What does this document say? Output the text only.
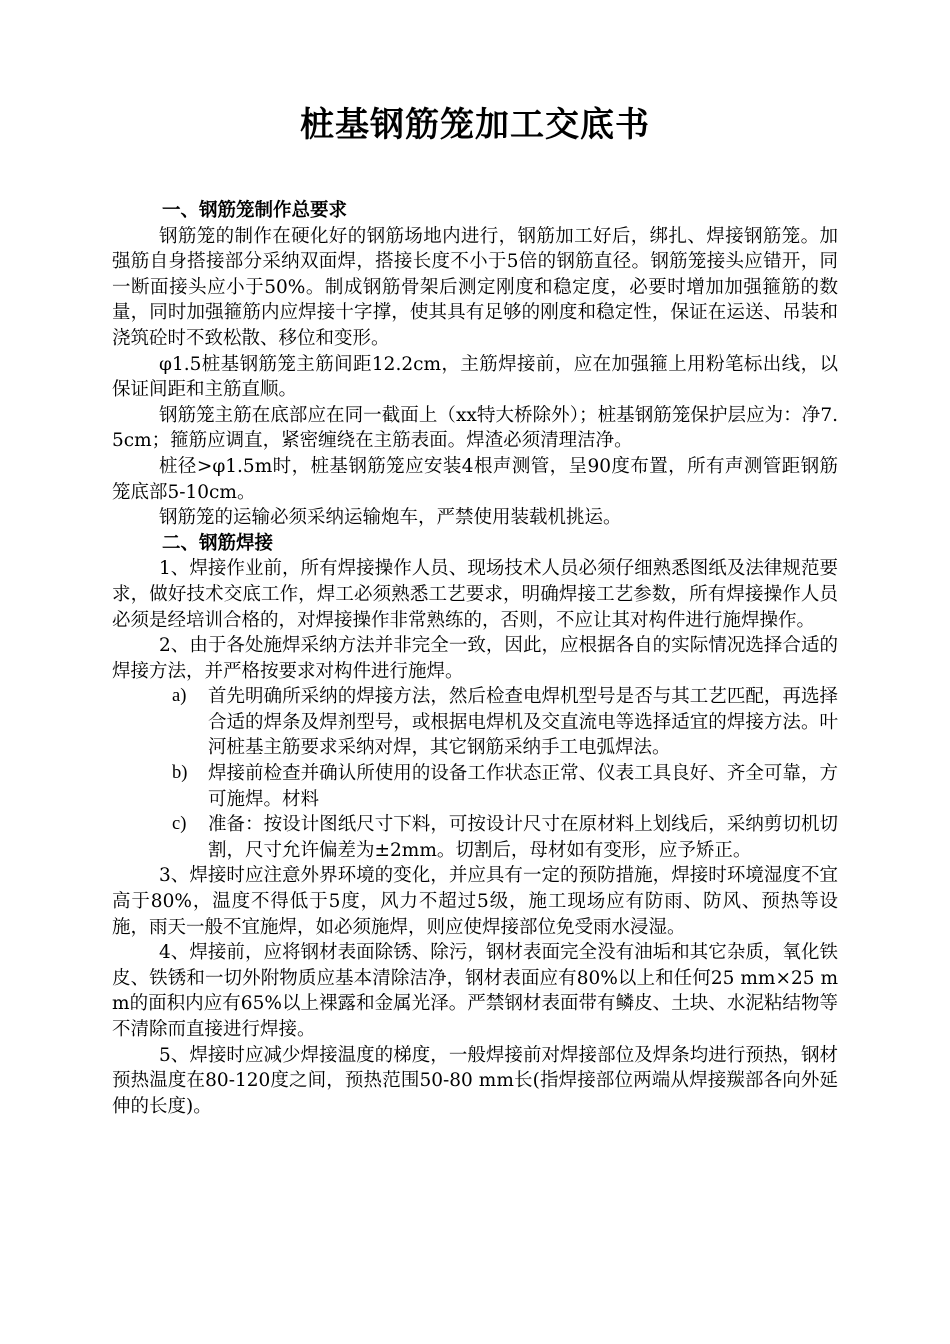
桩基钢筋笼加工交底书

一、钢筋笼制作总要求

钢筋笼的制作在硬化好的钢筋场地内进行，钢筋加工好后，绑扎、焊接钢筋笼。加强筋自身搭接部分采纳双面焊，搭接长度不小于5倍的钢筋直径。钢筋笼接头应错开，同一断面接头应小于50%。制成钢筋骨架后测定刚度和稳定度，必要时增加加强箍筋的数量，同时加强箍筋内应焊接十字撑，使其具有足够的刚度和稳定性，保证在运送、吊装和浇筑砼时不致松散、移位和变形。

φ1.5桩基钢筋笼主筋间距12.2cm，主筋焊接前，应在加强箍上用粉笔标出线，以保证间距和主筋直顺。

钢筋笼主筋在底部应在同一截面上（xx特大桥除外）；桩基钢筋笼保护层应为：净7.5cm；箍筋应调直，紧密缠绕在主筋表面。焊渣必须清理洁净。

桩径>φ1.5m时，桩基钢筋笼应安装4根声测管，呈90度布置，所有声测管距钢筋笼底部5-10cm。

钢筋笼的运输必须采纳运输炮车，严禁使用装载机挑运。

二、钢筋焊接

1、焊接作业前，所有焊接操作人员、现场技术人员必须仔细熟悉图纸及法律规范要求，做好技术交底工作，焊工必须熟悉工艺要求，明确焊接工艺参数，所有焊接操作人员必须是经培训合格的，对焊接操作非常熟练的，否则，不应让其对构件进行施焊操作。

2、由于各处施焊采纳方法并非完全一致，因此，应根据各自的实际情况选择合适的焊接方法，并严格按要求对构件进行施焊。

a)	首先明确所采纳的焊接方法，然后检查电焊机型号是否与其工艺匹配，再选择合适的焊条及焊剂型号，或根据电焊机及交直流电等选择适宜的焊接方法。叶河桩基主筋要求采纳对焊，其它钢筋采纳手工电弧焊法。
b)	焊接前检查并确认所使用的设备工作状态正常、仪表工具良好、齐全可靠，方可施焊。材料
c)	准备：按设计图纸尺寸下料，可按设计尺寸在原材料上划线后，采纳剪切机切割，尺寸允许偏差为±2mm。切割后，母材如有变形，应予矫正。

3、焊接时应注意外界环境的变化，并应具有一定的预防措施，焊接时环境湿度不宜高于80%，温度不得低于5度，风力不超过5级，施工现场应有防雨、防风、预热等设施，雨天一般不宜施焊，如必须施焊，则应使焊接部位免受雨水浸湿。

4、焊接前，应将钢材表面除锈、除污，钢材表面完全没有油垢和其它杂质，氧化铁皮、铁锈和一切外附物质应基本清除洁净，钢材表面应有80%以上和任何25 mm×25 mm的面积内应有65%以上裸露和金属光泽。严禁钢材表面带有鳞皮、土块、水泥粘结物等不清除而直接进行焊接。

5、焊接时应减少焊接温度的梯度，一般焊接前对焊接部位及焊条均进行预热，钢材预热温度在80-120度之间，预热范围50-80 mm长(指焊接部位两端从焊接羰部各向外延伸的长度)。
